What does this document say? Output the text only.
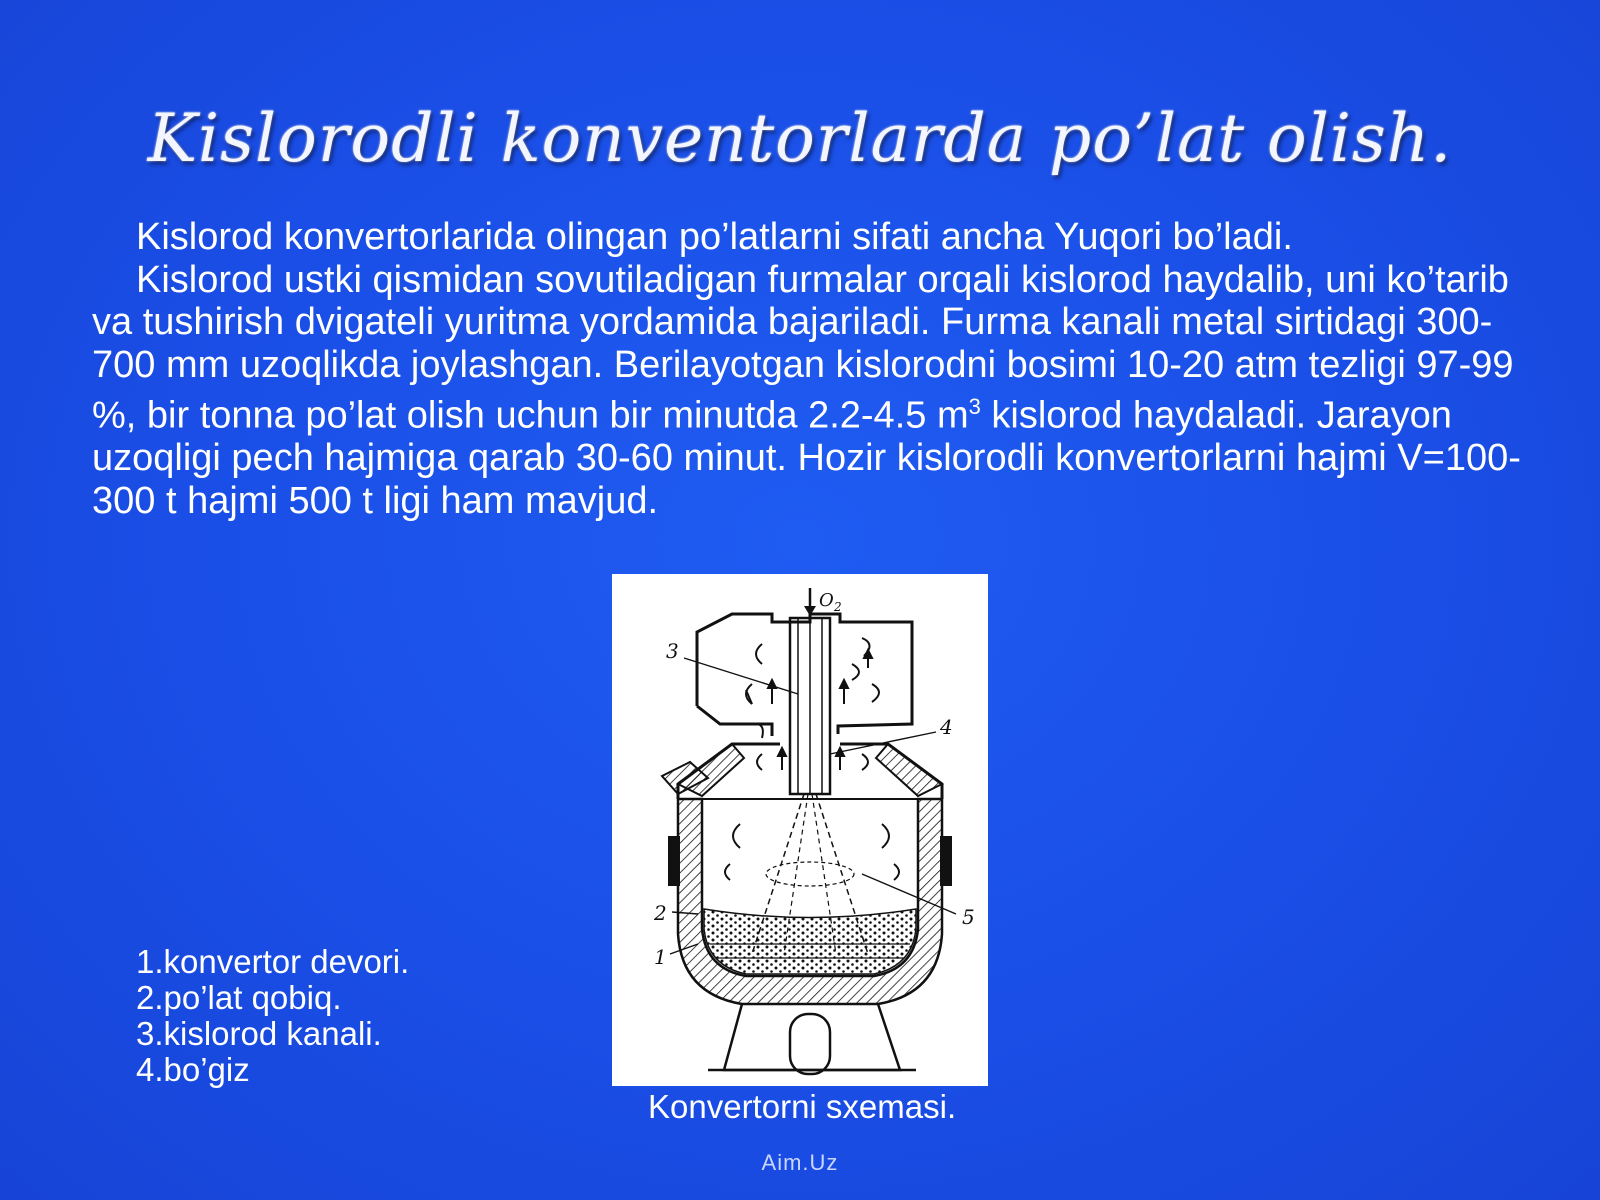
Kislorodli konventorlarda po’lat olish.

Kislorod konvertorlarida olingan po’latlarni sifati ancha Yuqori bo’ladi.

Kislorod ustki qismidan sovutiladigan furmalar orqali kislorod haydalib, uni ko’tarib va tushirish dvigateli yuritma yordamida bajariladi. Furma kanali metal sirtidagi 300-700 mm uzoqlikda joylashgan. Berilayotgan kislorodni bosimi 10-20 atm tezligi 97-99 %, bir tonna po’lat olish uchun bir minutda 2.2-4.5 $m^3$ kislorod haydaladi. Jarayon uzoqligi pech hajmiga qarab 30-60 minut. Hozir kislorodli konvertorlarni hajmi V=100-300 t hajmi 500 t ligi ham mavjud.

O 2
3
4
5
2
1
1.konvertor devori.
2.po’lat qobiq.
3.kislorod kanali.
4.bo’giz
Konvertorni sxemasi.
Aim.Uz
